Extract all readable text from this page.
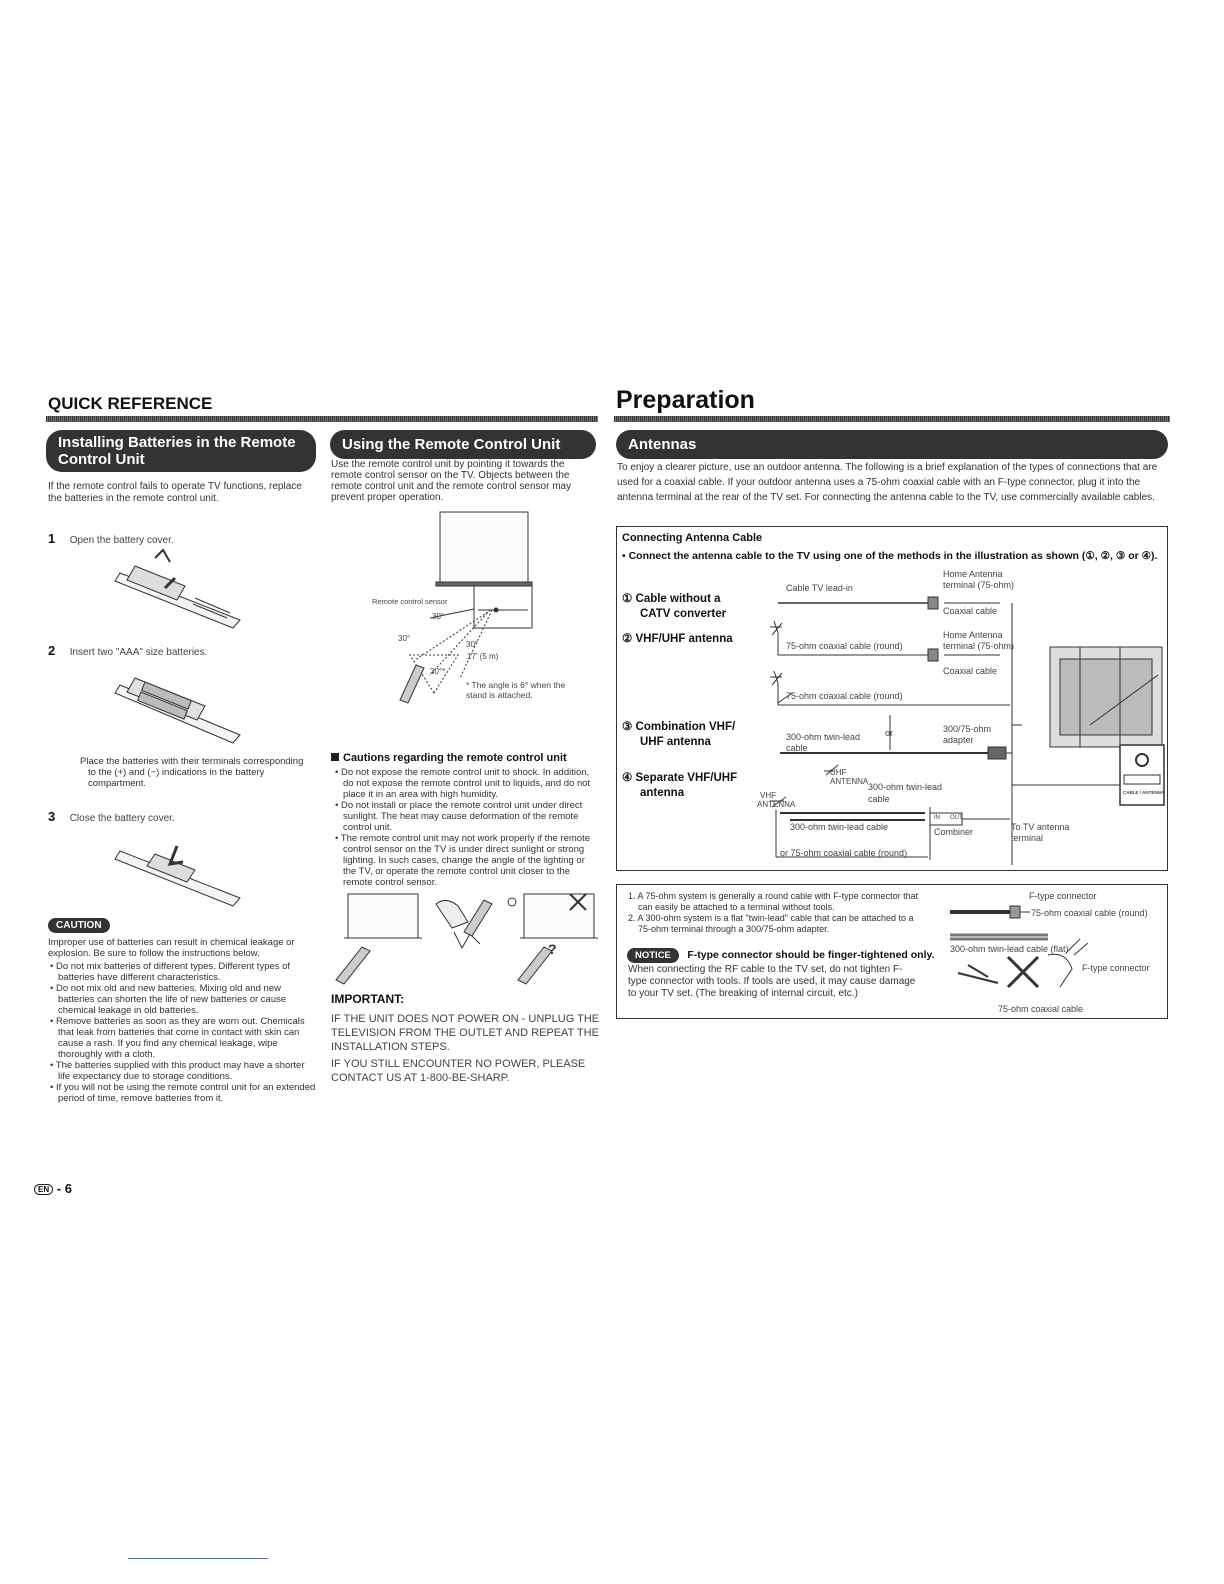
QUICK REFERENCE	Preparation
Installing Batteries in the Remote
Control Unit
If the remote control fails to operate TV functions, replace the batteries in the remote control unit.
1 Open the battery cover.
2 Insert two "AAA" size batteries.
Place the batteries with their terminals corresponding to the (+) and (−) indications in the battery compartment.
3 Close the battery cover.
CAUTION
Improper use of batteries can result in chemical leakage or explosion. Be sure to follow the instructions below.
• Do not mix batteries of different types. Different types of batteries have different characteristics.
• Do not mix old and new batteries. Mixing old and new batteries can shorten the life of new batteries or cause chemical leakage in old batteries.
• Remove batteries as soon as they are worn out. Chemicals that leak from batteries that come in contact with skin can cause a rash. If you find any chemical leakage, wipe thoroughly with a cloth.
• The batteries supplied with this product may have a shorter life expectancy due to storage conditions.
• If you will not be using the remote control unit for an extended period of time, remove batteries from it.
Using the Remote Control Unit
Use the remote control unit by pointing it towards the remote control sensor on the TV. Objects between the remote control unit and the remote control sensor may prevent proper operation.
Remote control sensor
30°
30°
30°
30°*
17' (5 m)
* The angle is 6° when the stand is attached.
Cautions regarding the remote control unit
• Do not expose the remote control unit to shock. In addition, do not expose the remote control unit to liquids, and do not place it in an area with high humidity.
• Do not install or place the remote control unit under direct sunlight. The heat may cause deformation of the remote control unit.
• The remote control unit may not work properly if the remote control sensor on the TV is under direct sunlight or strong lighting. In such cases, change the angle of the lighting or the TV, or operate the remote control unit closer to the remote control sensor.
?
IMPORTANT:
IF THE UNIT DOES NOT POWER ON - UNPLUG THE TELEVISION FROM THE OUTLET AND REPEAT THE INSTALLATION STEPS.
IF YOU STILL ENCOUNTER NO POWER, PLEASE CONTACT US AT 1-800-BE-SHARP.
Antennas
To enjoy a clearer picture, use an outdoor antenna. The following is a brief explanation of the types of connections that are used for a coaxial cable. If your outdoor antenna uses a 75-ohm coaxial cable with an F-type connector, plug it into the antenna terminal at the rear of the TV set. For connecting the antenna cable to the TV, use commercially available cables.
Connecting Antenna Cable
• Connect the antenna cable to the TV using one of the methods in the illustration as shown (①, ②, ③ or ④).
① Cable without a
CATV converter
② VHF/UHF antenna
③ Combination VHF/
UHF antenna
④ Separate VHF/UHF
antenna
Cable TV lead-in
Home Antenna
terminal (75-ohm)
Coaxial cable
75-ohm coaxial cable (round)
Home Antenna
terminal (75-ohm)
Coaxial cable
75-ohm coaxial cable (round)
300-ohm twin-lead
cable
or	300/75-ohm
adapter
UHF
ANTENNA
VHF
ANTENNA
300-ohm twin-lead
cable
300-ohm twin-lead cable
IN OUT
Combiner
or 75-ohm coaxial cable (round)
To TV antenna
terminal
CABLE / ANTENNA
1. A 75-ohm system is generally a round cable with F-type connector that can easily be attached to a terminal without tools.
2. A 300-ohm system is a flat "twin-lead" cable that can be attached to a 75-ohm terminal through a 300/75-ohm adapter.
NOTICE F-type connector should be finger-tightened only.
When connecting the RF cable to the TV set, do not tighten F-type connector with tools. If tools are used, it may cause damage to your TV set. (The breaking of internal circuit, etc.)
F-type connector
75-ohm coaxial cable (round)
300-ohm twin-lead cable (flat)
F-type connector
75-ohm coaxial cable
EN - 6
